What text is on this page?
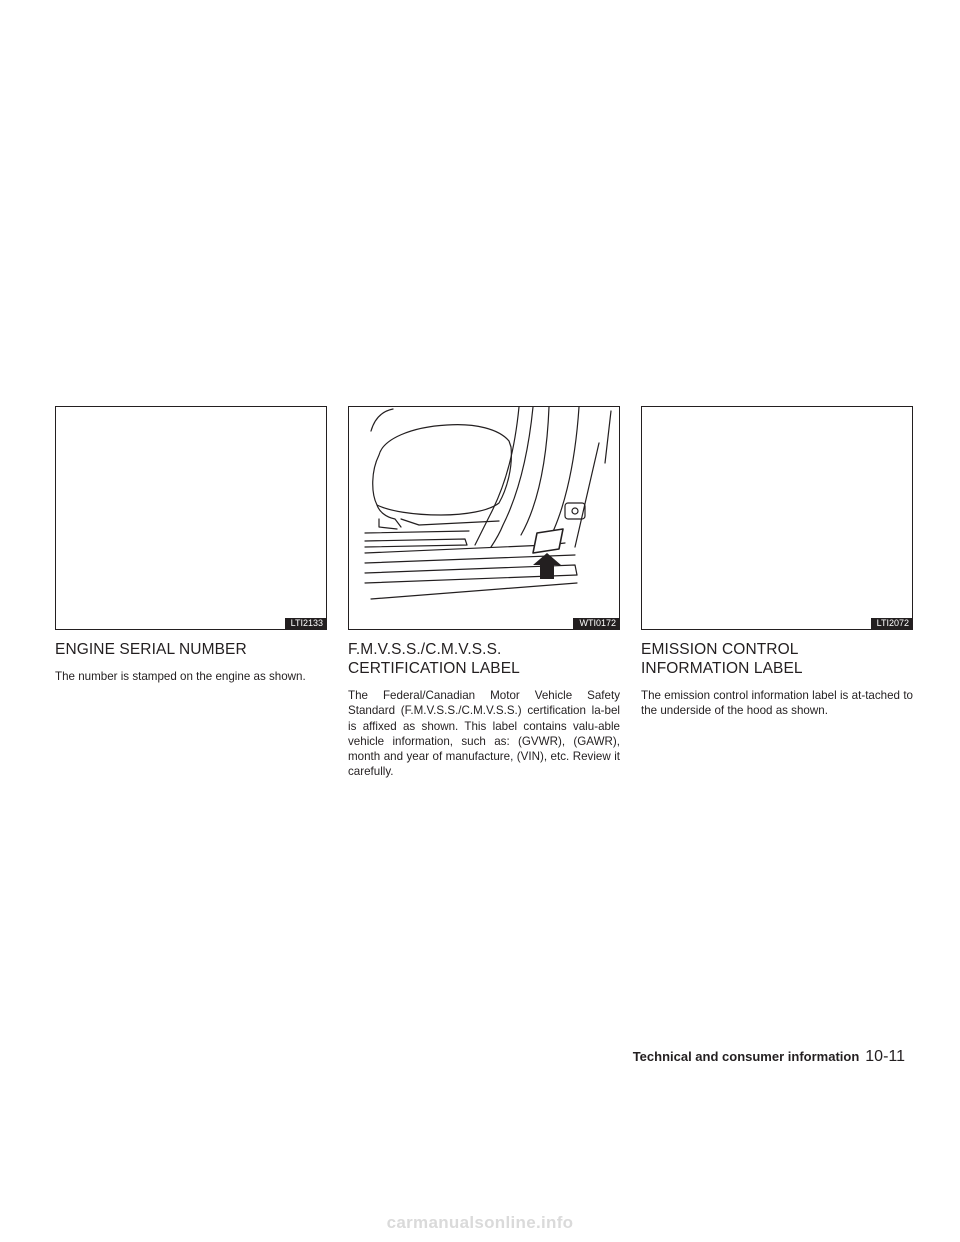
LTI2133
ENGINE SERIAL NUMBER

The number is stamped on the engine as shown.

WTI0172
F.M.V.S.S./C.M.V.S.S.
CERTIFICATION LABEL

The Federal/Canadian Motor Vehicle Safety Standard (F.M.V.S.S./C.M.V.S.S.) certification la-bel is affixed as shown. This label contains valu-able vehicle information, such as: (GVWR), (GAWR), month and year of manufacture, (VIN), etc. Review it carefully.

LTI2072
EMISSION CONTROL
INFORMATION LABEL

The emission control information label is at-tached to the underside of the hood as shown.

Technical and consumer information 10-11
carmanualsonline.info
